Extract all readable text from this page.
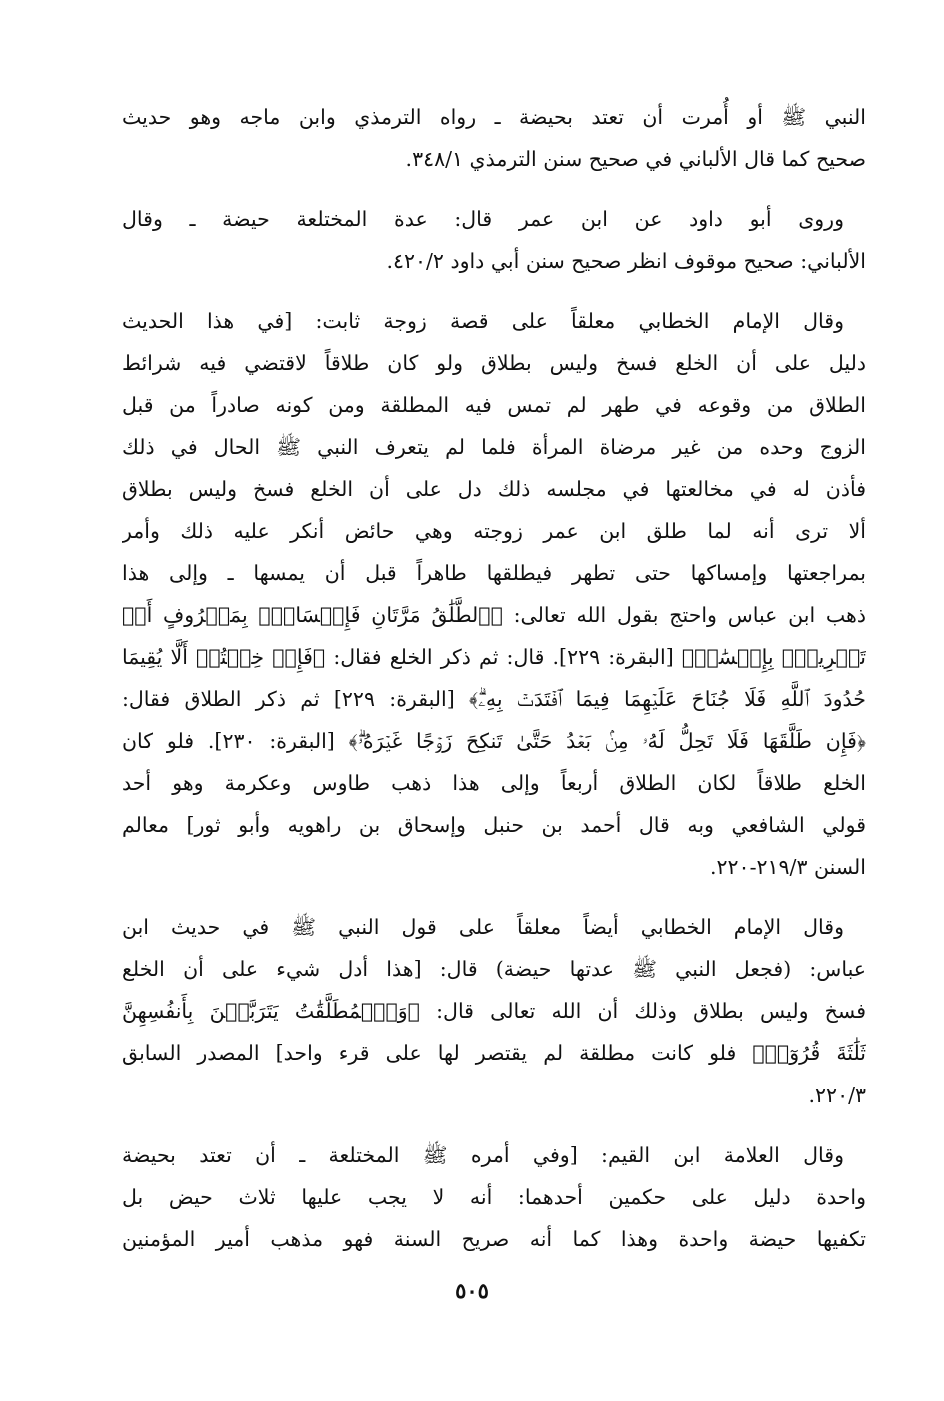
النبي ﷺ أو أُمرت أن تعتد بحيضة ـ رواه الترمذي وابن ماجه وهو حديث
صحيح كما قال الألباني في صحيح سنن الترمذي ٣٤٨/١.

وروى أبو داود عن ابن عمر قال: عدة المختلعة حيضة ـ وقال
الألباني: صحيح موقوف انظر صحيح سنن أبي داود ٤٢٠/٢.

وقال الإمام الخطابي معلقاً على قصة زوجة ثابت: [في هذا الحديث
دليل على أن الخلع فسخ وليس بطلاق ولو كان طلاقاً لاقتضي فيه شرائط
الطلاق من وقوعه في طهر لم تمس فيه المطلقة ومن كونه صادراً من قبل
الزوج وحده من غير مرضاة المرأة فلما لم يتعرف النبي ﷺ الحال في ذلك
فأذن له في مخالعتها في مجلسه ذلك دل على أن الخلع فسخ وليس بطلاق
ألا ترى أنه لما طلق ابن عمر زوجته وهي حائض أنكر عليه ذلك وأمر
بمراجعتها وإمساكها حتى تطهر فيطلقها طاهراً قبل أن يمسها ـ وإلى هذا
ذهب ابن عباس واحتج بقول الله تعالى: ﴿ٱلطَّلَٰقُ مَرَّتَانِ فَإِمۡسَاكُۢ بِمَعۡرُوفٍ أَوۡ
تَسۡرِيحُۢ بِإِحۡسَٰنٖ﴾ [البقرة: ٢٢٩]. قال: ثم ذكر الخلع فقال: ﴿فَإِنۡ خِفۡتُمۡ أَلَّا يُقِيمَا
حُدُودَ ٱللَّهِ فَلَا جُنَاحَ عَلَيۡهِمَا فِيمَا ٱفۡتَدَتۡ بِهِۦۗ﴾ [البقرة: ٢٢٩] ثم ذكر الطلاق فقال:
﴿فَإِن طَلَّقَهَا فَلَا تَحِلُّ لَهُۥ مِنۢ بَعۡدُ حَتَّىٰ تَنكِحَ زَوۡجًا غَيۡرَهُۥۗ﴾ [البقرة: ٢٣٠]. فلو كان
الخلع طلاقاً لكان الطلاق أربعاً وإلى هذا ذهب طاوس وعكرمة وهو أحد
قولي الشافعي وبه قال أحمد بن حنبل وإسحاق بن راهويه وأبو ثور] معالم
السنن ٢١٩/٣-٢٢٠.

وقال الإمام الخطابي أيضاً معلقاً على قول النبي ﷺ في حديث ابن
عباس: (فجعل النبي ﷺ عدتها حيضة) قال: [هذا أدل شيء على أن الخلع
فسخ وليس بطلاق وذلك أن الله تعالى قال: ﴿وَٱلۡمُطَلَّقَٰتُ يَتَرَبَّصۡنَ بِأَنفُسِهِنَّ
ثَلَٰثَةَ قُرُوٓءٖ﴾ فلو كانت مطلقة لم يقتصر لها على قرء واحد] المصدر السابق
٢٢٠/٣.

وقال العلامة ابن القيم: [وفي أمره ﷺ المختلعة ـ أن تعتد بحيضة
واحدة دليل على حكمين أحدهما: أنه لا يجب عليها ثلاث حيض بل
تكفيها حيضة واحدة وهذا كما أنه صريح السنة فهو مذهب أمير المؤمنين

٥٠٥
